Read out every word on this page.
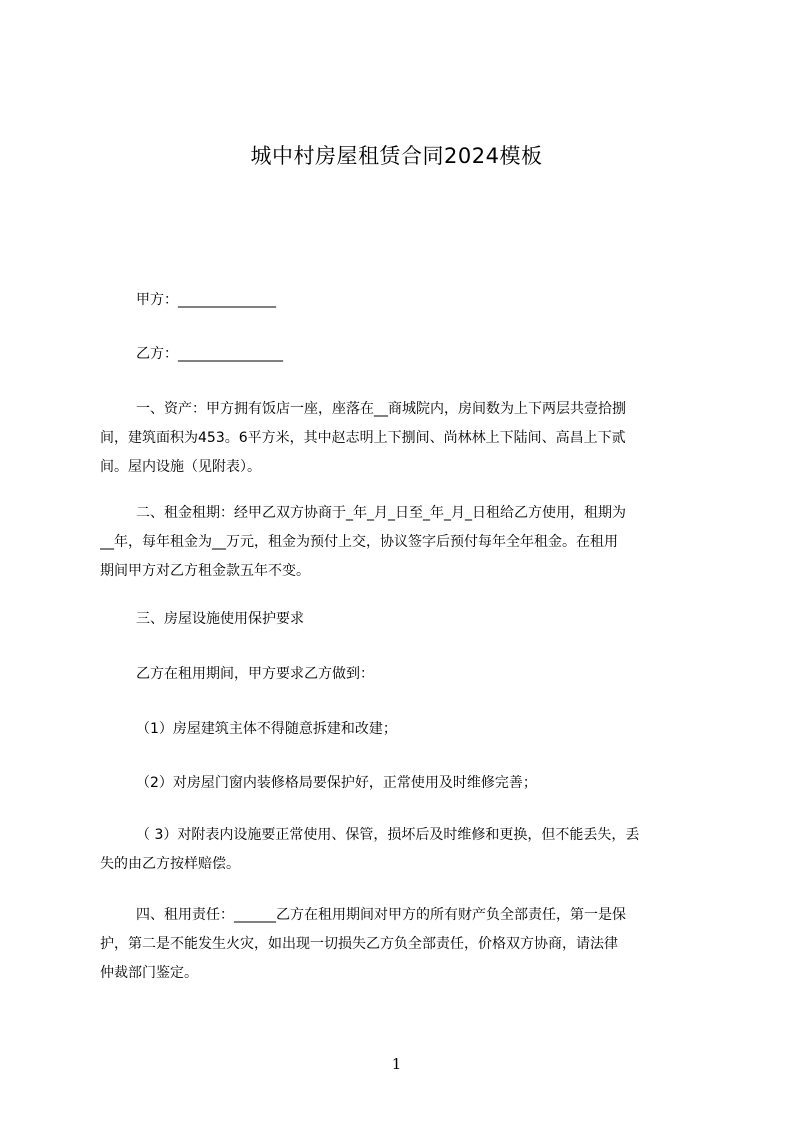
城中村房屋租赁合同2024模板
甲方：______________
乙方：_______________
一、资产：甲方拥有饭店一座，座落在__商城院内，房间数为上下两层共壹拾捌
间，建筑面积为453。6平方米，其中赵志明上下捌间、尚林林上下陆间、高昌上下贰
间。屋内设施（见附表）。
二、租金租期：经甲乙双方协商于_年_月_日至_年_月_日租给乙方使用，租期为
__年，每年租金为__万元，租金为预付上交，协议签字后预付每年全年租金。在租用
期间甲方对乙方租金款五年不变。
三、房屋设施使用保护要求
乙方在租用期间，甲方要求乙方做到：
（1）房屋建筑主体不得随意拆建和改建；
（2）对房屋门窗内装修格局要保护好，正常使用及时维修完善；
（ 3）对附表内设施要正常使用、保管，损坏后及时维修和更换，但不能丢失，丢
失的由乙方按样赔偿。
四、租用责任：______乙方在租用期间对甲方的所有财产负全部责任，第一是保
护，第二是不能发生火灾，如出现一切损失乙方负全部责任，价格双方协商，请法律
仲裁部门鉴定。
1
